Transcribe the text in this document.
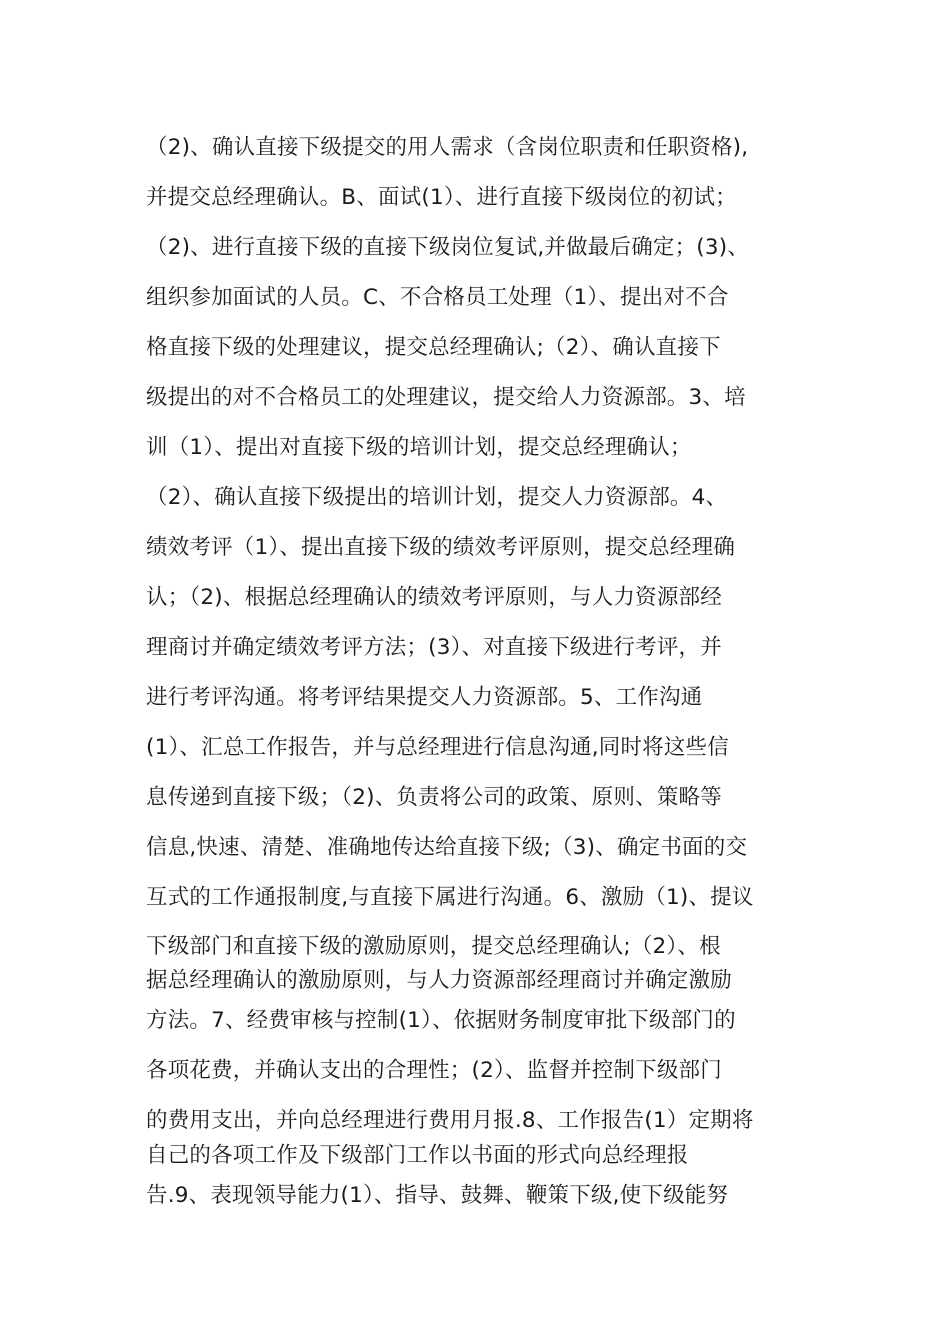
（2)、确认直接下级提交的用人需求（含岗位职责和任职资格),
并提交总经理确认。B、面试(1）、进行直接下级岗位的初试；
（2)、进行直接下级的直接下级岗位复试,并做最后确定；(3)、
组织参加面试的人员。C、不合格员工处理（1）、提出对不合
格直接下级的处理建议，提交总经理确认;（2）、确认直接下
级提出的对不合格员工的处理建议，提交给人力资源部。3、培
训（1）、提出对直接下级的培训计划，提交总经理确认；
（2）、确认直接下级提出的培训计划，提交人力资源部。4、
绩效考评（1）、提出直接下级的绩效考评原则，提交总经理确
认；（2)、根据总经理确认的绩效考评原则，与人力资源部经
理商讨并确定绩效考评方法；(3）、对直接下级进行考评，并
进行考评沟通。将考评结果提交人力资源部。5、工作沟通
(1）、汇总工作报告，并与总经理进行信息沟通,同时将这些信
息传递到直接下级；（2)、负责将公司的政策、原则、策略等
信息,快速、清楚、准确地传达给直接下级;（3)、确定书面的交
互式的工作通报制度,与直接下属进行沟通。6、激励（1)、提议
下级部门和直接下级的激励原则，提交总经理确认;（2）、根
据总经理确认的激励原则，与人力资源部经理商讨并确定激励
方法。7、经费审核与控制(1）、依据财务制度审批下级部门的
各项花费，并确认支出的合理性；(2）、监督并控制下级部门
的费用支出，并向总经理进行费用月报.8、工作报告(1）定期将
自己的各项工作及下级部门工作以书面的形式向总经理报
告.9、表现领导能力(1）、指导、鼓舞、鞭策下级,使下级能努
